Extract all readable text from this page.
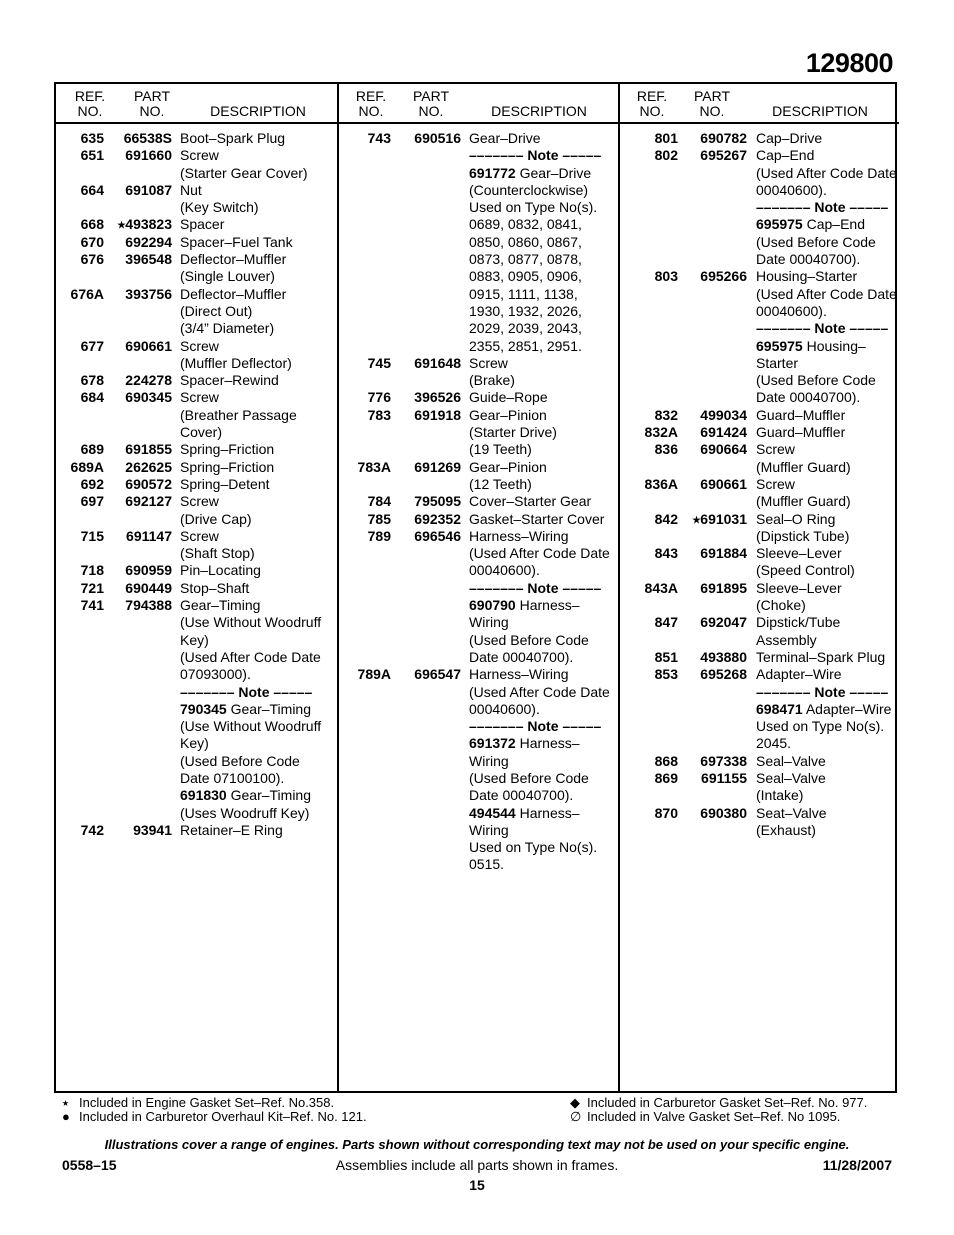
129800
REF.
NO.
PART
NO.	DESCRIPTION
635	66538S Boot–Spark Plug
651	691660 Screw
(Starter Gear Cover)
664	691087 Nut
(Key Switch)
668 ⭑493823 Spacer
670	692294 Spacer–Fuel Tank
676	396548 Deflector–Muffler
(Single Louver)
676A	393756 Deflector–Muffler
(Direct Out)
(3/4” Diameter)
677	690661 Screw
(Muffler Deflector)
678	224278 Spacer–Rewind
684	690345 Screw
(Breather Passage
Cover)
689	691855 Spring–Friction
689A	262625 Spring–Friction
692	690572 Spring–Detent
697	692127 Screw
(Drive Cap)
715	691147 Screw
(Shaft Stop)
718	690959 Pin–Locating
721	690449 Stop–Shaft
741	794388 Gear–Timing
(Use Without Woodruff
Key)
(Used After Code Date
07093000).
––––––– Note –––––
790345 Gear–Timing
(Use Without Woodruff
Key)
(Used Before Code
Date 07100100).
691830 Gear–Timing
(Uses Woodruff Key)
742	93941 Retainer–E Ring
REF.
NO.
PART
NO.	DESCRIPTION
743	690516 Gear–Drive
––––––– Note –––––
691772 Gear–Drive
(Counterclockwise)
Used on Type No(s).
0689, 0832, 0841,
0850, 0860, 0867,
0873, 0877, 0878,
0883, 0905, 0906,
0915, 1111, 1138,
1930, 1932, 2026,
2029, 2039, 2043,
2355, 2851, 2951.
745	691648 Screw
(Brake)
776	396526 Guide–Rope
783	691918 Gear–Pinion
(Starter Drive)
(19 Teeth)
783A	691269 Gear–Pinion
(12 Teeth)
784	795095 Cover–Starter Gear
785	692352 Gasket–Starter Cover
789	696546 Harness–Wiring
(Used After Code Date
00040600).
––––––– Note –––––
690790 Harness–
Wiring
(Used Before Code
Date 00040700).
789A	696547 Harness–Wiring
(Used After Code Date
00040600).
––––––– Note –––––
691372 Harness–
Wiring
(Used Before Code
Date 00040700).
494544 Harness–
Wiring
Used on Type No(s).
0515.
REF.
NO.
PART
NO.	DESCRIPTION
801	690782 Cap–Drive
802	695267 Cap–End
(Used After Code Date
00040600).
––––––– Note –––––
695975 Cap–End
(Used Before Code
Date 00040700).
803	695266 Housing–Starter
(Used After Code Date
00040600).
––––––– Note –––––
695975 Housing–
Starter
(Used Before Code
Date 00040700).
832	499034 Guard–Muffler
832A	691424 Guard–Muffler
836	690664 Screw
(Muffler Guard)
836A	690661 Screw
(Muffler Guard)
842	⭑691031 Seal–O Ring
(Dipstick Tube)
843	691884 Sleeve–Lever
(Speed Control)
843A	691895 Sleeve–Lever
(Choke)
847	692047 Dipstick/Tube
Assembly
851	493880 Terminal–Spark Plug
853	695268 Adapter–Wire
––––––– Note –––––
698471 Adapter–Wire
Used on Type No(s).
2045.
868	697338 Seal–Valve
869	691155 Seal–Valve
(Intake)
870	690380 Seat–Valve
(Exhaust)
⭑ Included in Engine Gasket Set–Ref. No.358.
● Included in Carburetor Overhaul Kit–Ref. No. 121.
◆ Included in Carburetor Gasket Set–Ref. No. 977.
∅ Included in Valve Gasket Set–Ref. No 1095.
Illustrations cover a range of engines. Parts shown without corresponding text may not be used on your specific engine.
0558–15	Assemblies include all parts shown in frames.	11/28/2007
15
